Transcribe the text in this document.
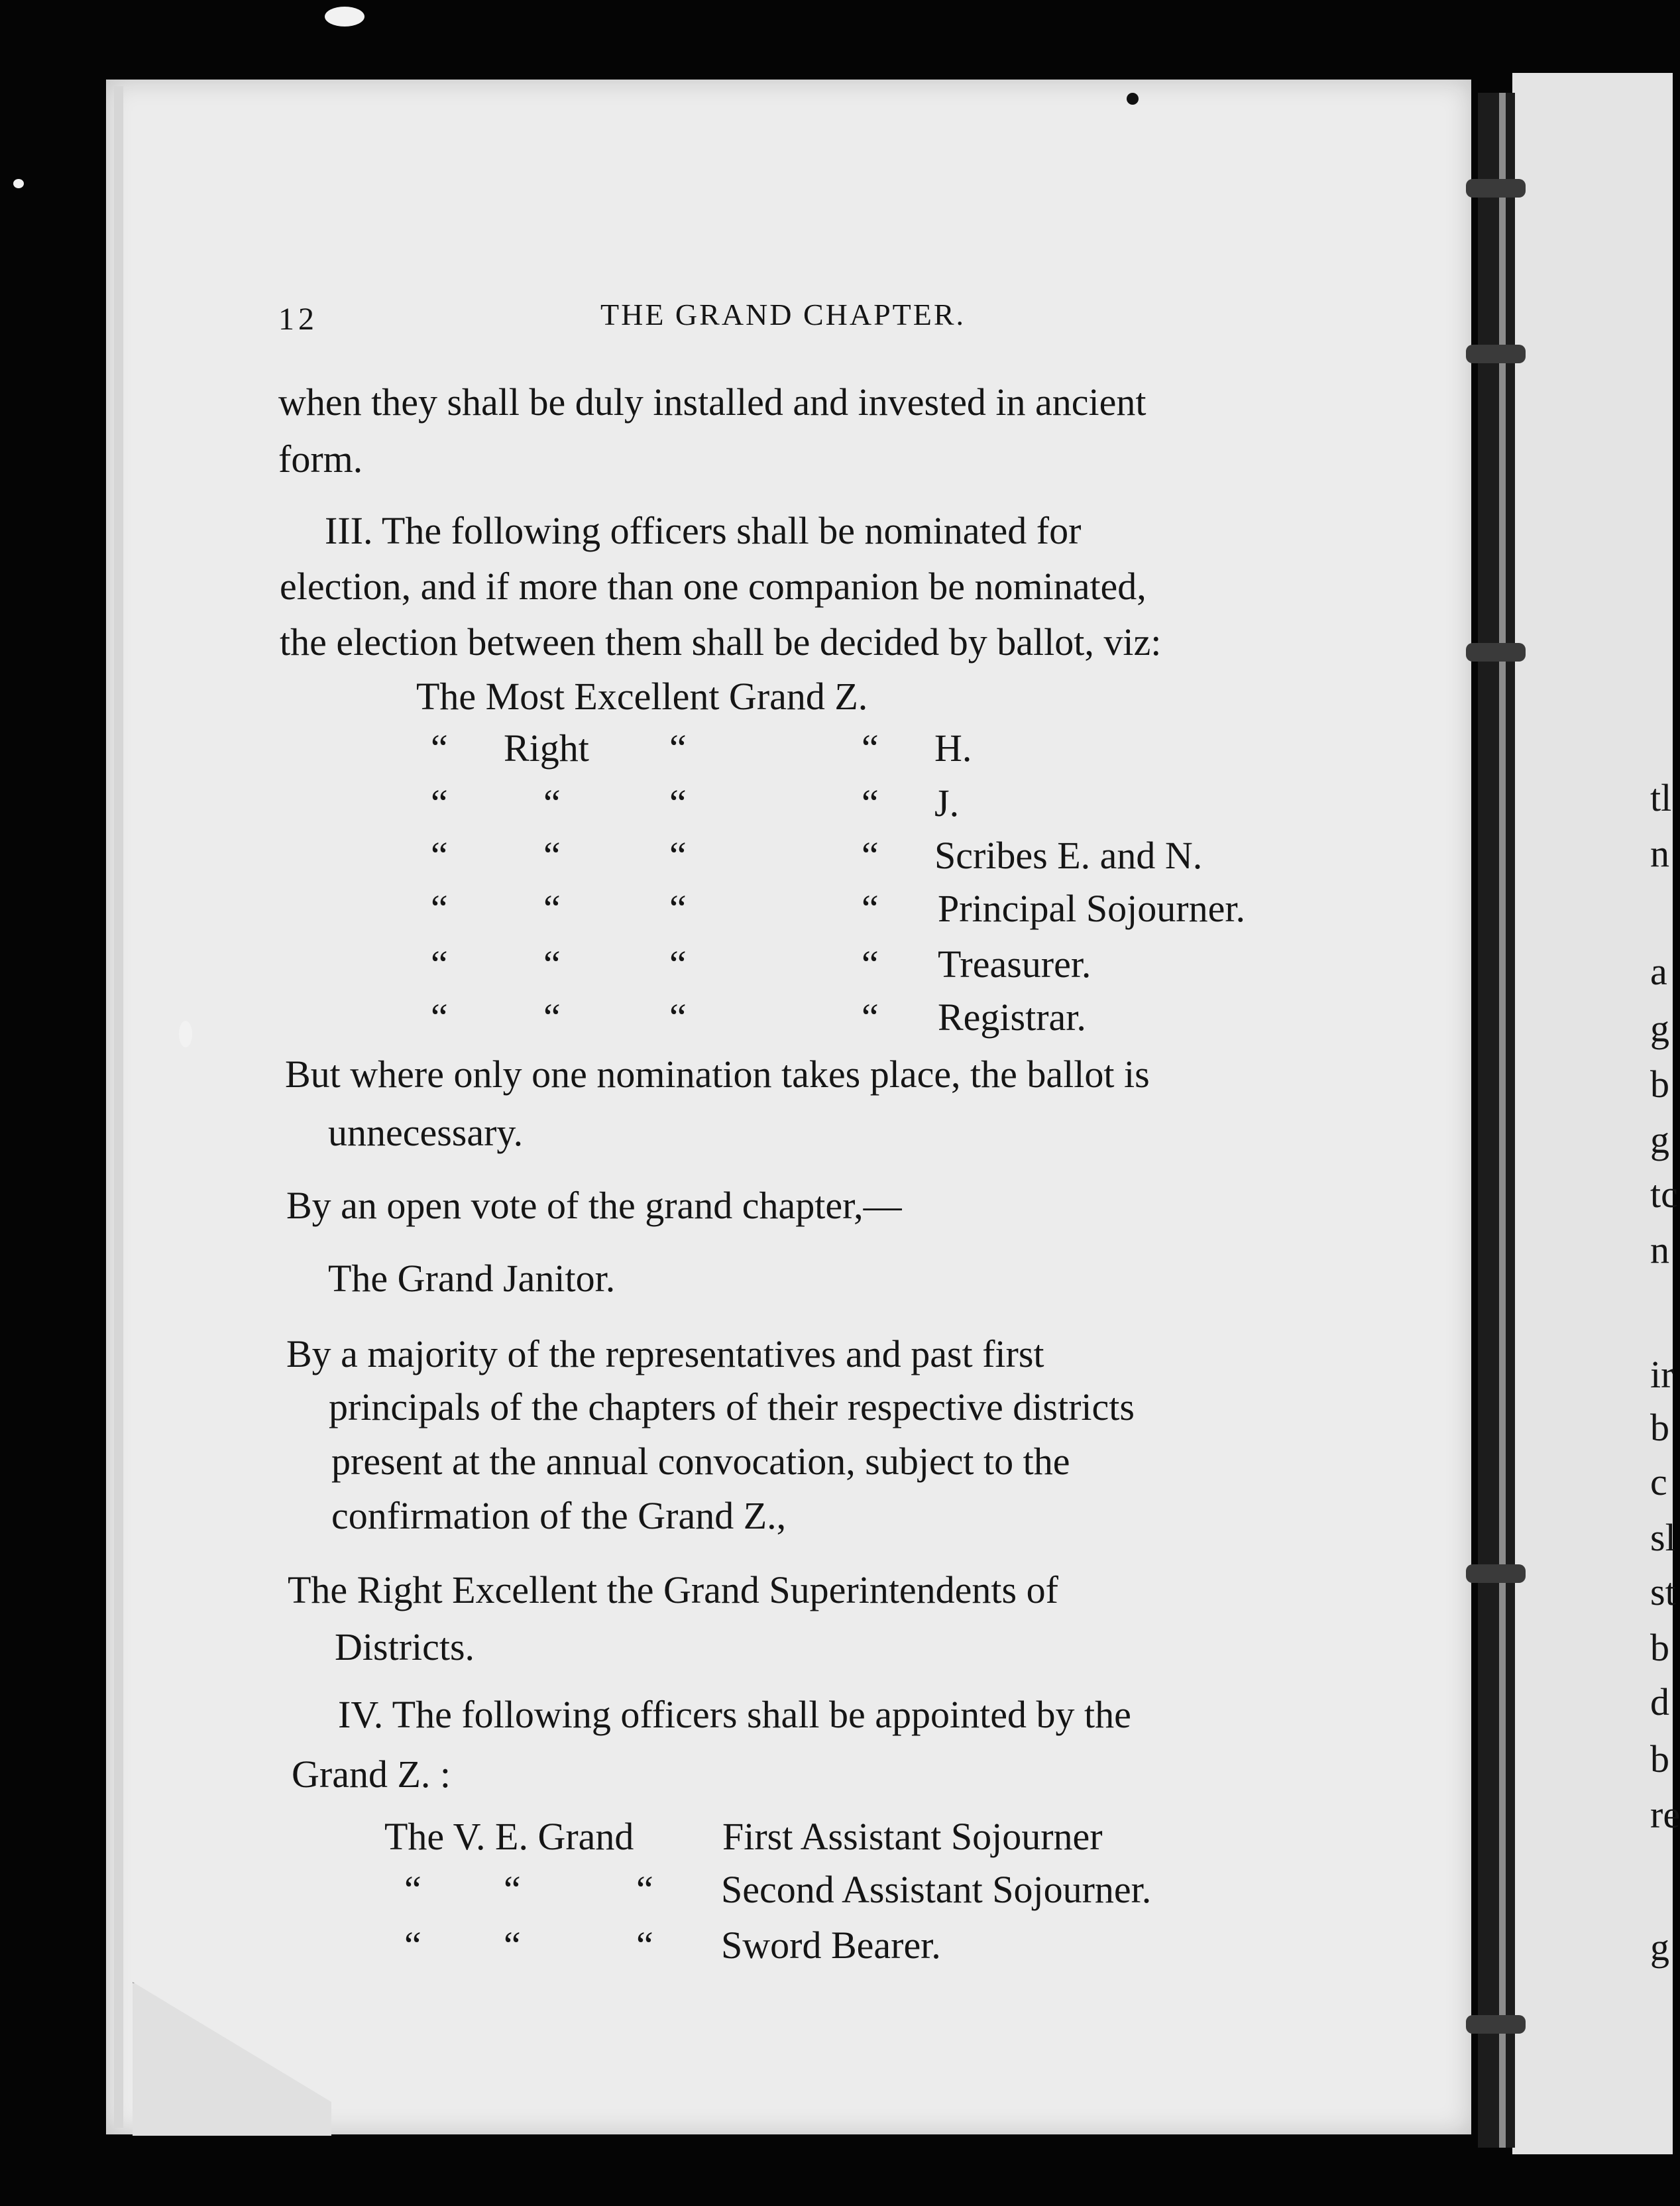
12	THE GRAND CHAPTER.
when they shall be duly installed and invested in ancient
form.
III. The following officers shall be nominated for
election, and if more than one companion be nominated,
the election between them shall be decided by ballot, viz:
The Most Excellent Grand Z.
“ Right “	“ H.
“ “	“	“ J.
“ “	“	“ Scribes E. and N.
“ “	“	“ Principal Sojourner.
“ “	“	“ Treasurer.
“ “	“	“ Registrar.
But where only one nomination takes place, the ballot is
unnecessary.
By an open vote of the grand chapter,—
The Grand Janitor.
By a majority of the representatives and past first
principals of the chapters of their respective districts
present at the annual convocation, subject to the
confirmation of the Grand Z.,
The Right Excellent the Grand Superintendents of
Districts.
IV. The following officers shall be appointed by the
Grand Z. :
The V. E. Grand First Assistant Sojourner
“ “	“ Second Assistant Sojourner.
“ “	“ Sword Bearer.
tl
n
a
g
b
g
tc
n
ir
b
c
sl
st
b
d
b
re
g
